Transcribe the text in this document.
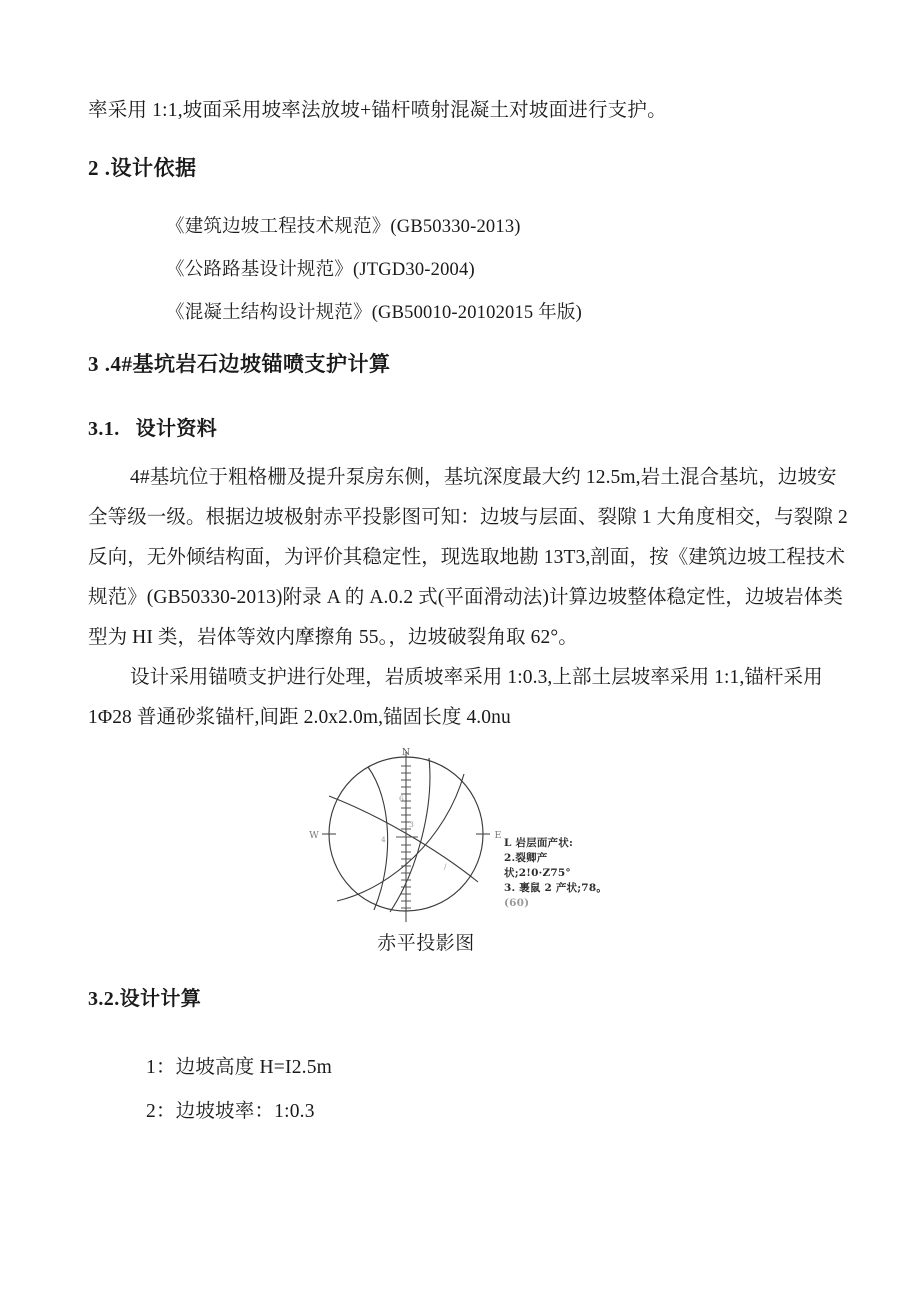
率采用 1:1,坡面采用坡率法放坡+锚杆喷射混凝土对坡面进行支护。
2 .设计依据
《建筑边坡工程技术规范》(GB50330-2013)
《公路路基设计规范》(JTGD30-2004)
《混凝土结构设计规范》(GB50010-20102015 年版)
3 .4#基坑岩石边坡锚喷支护计算
3.1. 设计资料
4#基坑位于粗格栅及提升泵房东侧，基坑深度最大约 12.5m,岩土混合基坑，边坡安
全等级一级。根据边坡极射赤平投影图可知：边坡与层面、裂隙 1 大角度相交，与裂隙 2
反向，无外倾结构面，为评价其稳定性，现选取地勘 13T3,剖面，按《建筑边坡工程技术
规范》(GB50330-2013)附录 A 的 A.0.2 式(平面滑动法)计算边坡整体稳定性，边坡岩体类
型为 HI 类，岩体等效内摩擦角 55。，边坡破裂角取 62°。
设计采用锚喷支护进行处理，岩质坡率采用 1:0.3,上部土层坡率采用 1:1,锚杆采用
1Φ28 普通砂浆锚杆,间距 2.0x2.0m,锚固长度 4.0nu
3.2.设计计算
1：边坡高度 H=I2.5m
2：边坡坡率：1:0.3
N
W	E
6
3
4
/
L 岩层面产状:
2.裂卿产
状;2!0·Z75°
3. 裹鼠 2 产状;78。
(60)
赤平投影图
